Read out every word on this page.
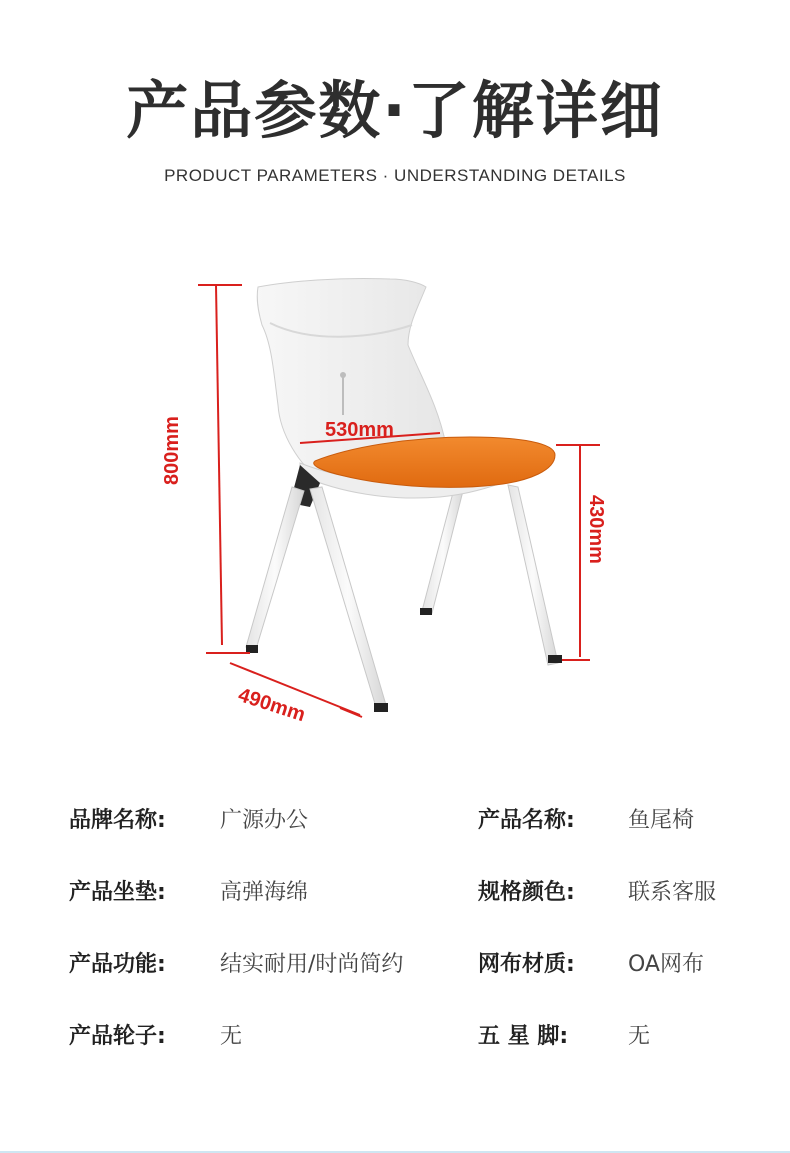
产品参数·了解详细
PRODUCT PARAMETERS · UNDERSTANDING DETAILS
800mm	530mm
430mm
490mm
品牌名称: 广源办公	产品名称: 鱼尾椅
产品坐垫: 高弹海绵	规格颜色: 联系客服
产品功能: 结实耐用/时尚简约	网布材质: OA网布
产品轮子: 无	五 星 脚:	无
